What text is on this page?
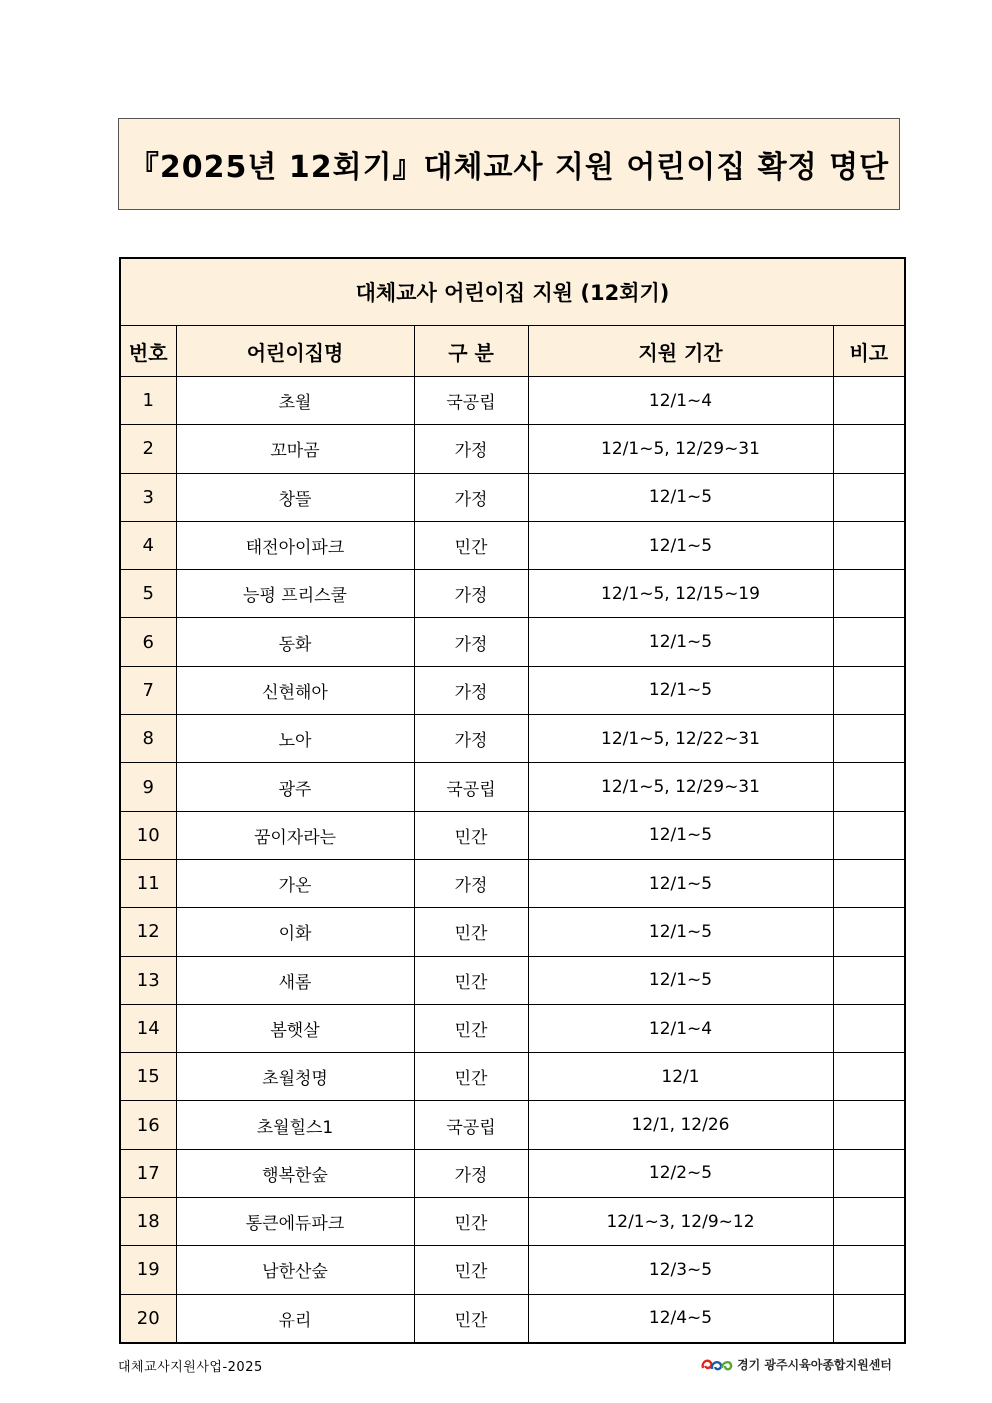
『2025년 12회기』대체교사 지원 어린이집 확정 명단
대체교사 어린이집 지원 (12회기)				
번호	어린이집명	구 분	지원 기간	비고
1	초월	국공립	12/1~4	
2	꼬마곰	가정	12/1~5, 12/29~31	
3	창뜰	가정	12/1~5	
4	태전아이파크	민간	12/1~5	
5	능평 프리스쿨	가정	12/1~5, 12/15~19	
6	동화	가정	12/1~5	
7	신현해아	가정	12/1~5	
8	노아	가정	12/1~5, 12/22~31	
9	광주	국공립	12/1~5, 12/29~31	
10	꿈이자라는	민간	12/1~5	
11	가온	가정	12/1~5	
12	이화	민간	12/1~5	
13	새롬	민간	12/1~5	
14	봄햇살	민간	12/1~4	
15	초월청명	민간	12/1	
16	초월힐스1	국공립	12/1, 12/26	
17	행복한숲	가정	12/2~5	
18	통큰에듀파크	민간	12/1~3, 12/9~12	
19	남한산숲	민간	12/3~5	
20	유리	민간	12/4~5	
대체교사지원사업-2025	경기 광주시육아종합지원센터
